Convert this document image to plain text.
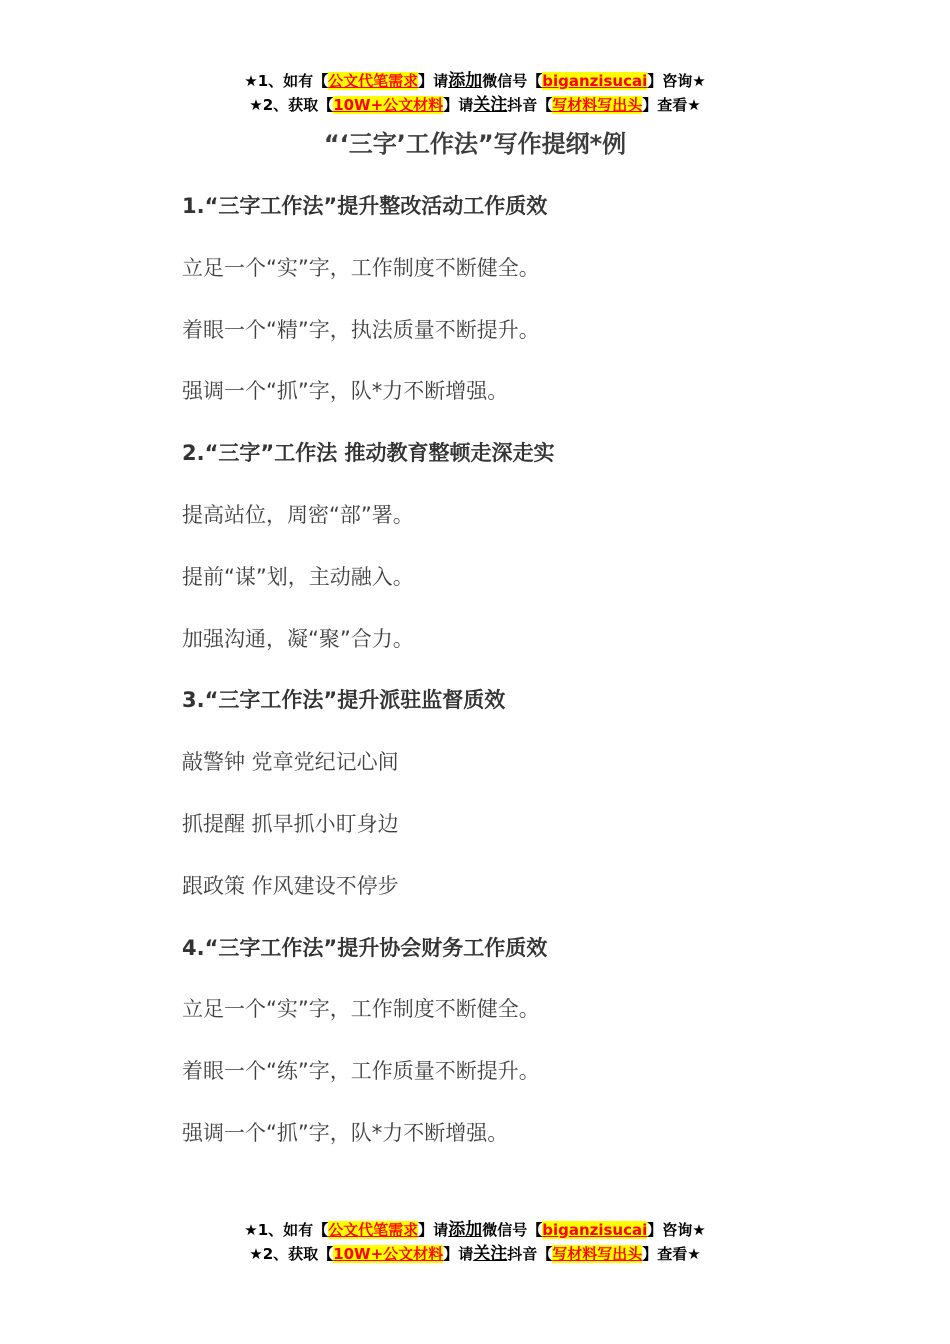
★1、如有【公文代笔需求】请添加微信号【biganzisucai】咨询★
★2、获取【10W+公文材料】请关注抖音【写材料写出头】查看★
“‘三字’工作法”写作提纲*例
1.“三字工作法”提升整改活动工作质效
立足一个“实”字，工作制度不断健全。
着眼一个“精”字，执法质量不断提升。
强调一个“抓”字，队*力不断增强。
2.“三字”工作法 推动教育整顿走深走实
提高站位，周密“部”署。
提前“谋”划，主动融入。
加强沟通，凝“聚”合力。
3.“三字工作法”提升派驻监督质效
敲警钟 党章党纪记心间
抓提醒 抓早抓小盯身边
跟政策 作风建设不停步
4.“三字工作法”提升协会财务工作质效
立足一个“实”字，工作制度不断健全。
着眼一个“练”字，工作质量不断提升。
强调一个“抓”字，队*力不断增强。
★1、如有【公文代笔需求】请添加微信号【biganzisucai】咨询★
★2、获取【10W+公文材料】请关注抖音【写材料写出头】查看★
